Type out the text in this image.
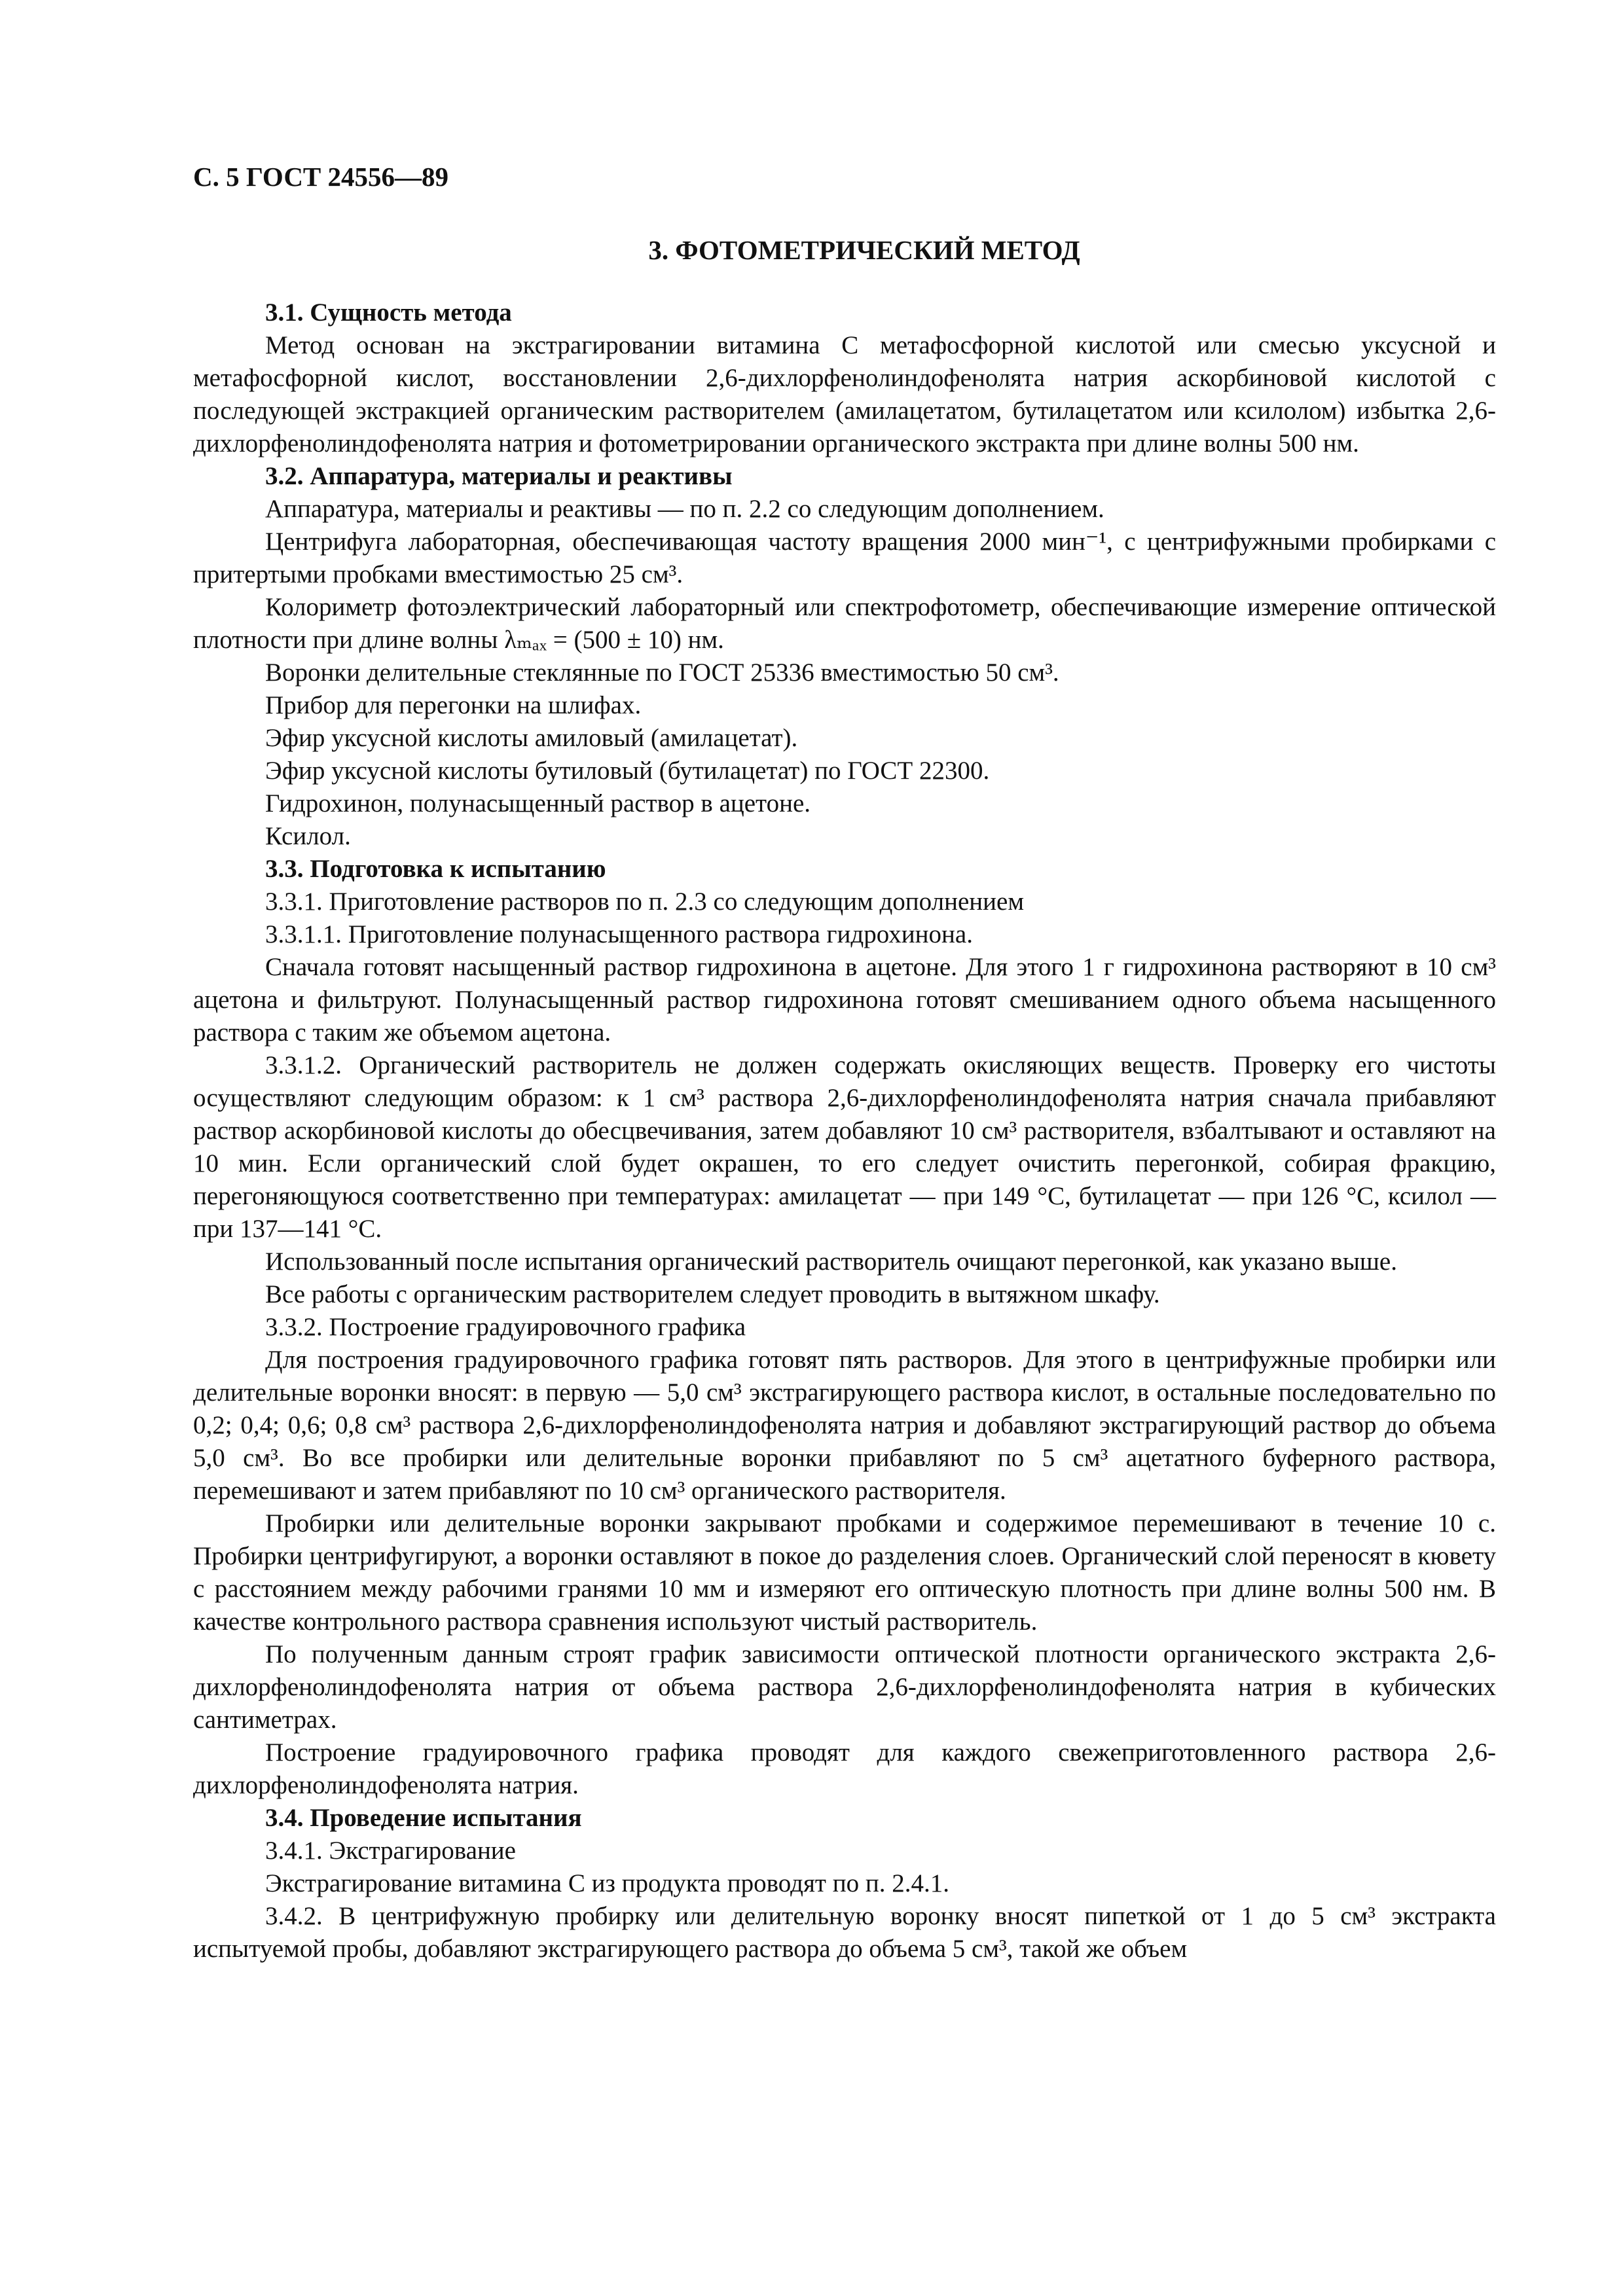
С. 5 ГОСТ 24556—89
3. ФОТОМЕТРИЧЕСКИЙ МЕТОД

3.1. Сущность метода

Метод основан на экстрагировании витамина С метафосфорной кислотой или смесью уксусной и метафосфорной кислот, восстановлении 2,6-дихлорфенолиндофенолята натрия аскорбиновой кислотой с последующей экстракцией органическим растворителем (амилацетатом, бутилацетатом или ксилолом) избытка 2,6-дихлорфенолиндофенолята натрия и фотометрировании органического экстракта при длине волны 500 нм.

3.2. Аппаратура, материалы и реактивы

Аппаратура, материалы и реактивы — по п. 2.2 со следующим дополнением.

Центрифуга лабораторная, обеспечивающая частоту вращения 2000 мин⁻¹, с центрифужными пробирками с притертыми пробками вместимостью 25 см³.

Колориметр фотоэлектрический лабораторный или спектрофотометр, обеспечивающие измерение оптической плотности при длине волны λₘₐₓ = (500 ± 10) нм.

Воронки делительные стеклянные по ГОСТ 25336 вместимостью 50 см³.

Прибор для перегонки на шлифах.

Эфир уксусной кислоты амиловый (амилацетат).

Эфир уксусной кислоты бутиловый (бутилацетат) по ГОСТ 22300.

Гидрохинон, полунасыщенный раствор в ацетоне.

Ксилол.

3.3. Подготовка к испытанию

3.3.1. Приготовление растворов по п. 2.3 со следующим дополнением

3.3.1.1. Приготовление полунасыщенного раствора гидрохинона.

Сначала готовят насыщенный раствор гидрохинона в ацетоне. Для этого 1 г гидрохинона растворяют в 10 см³ ацетона и фильтруют. Полунасыщенный раствор гидрохинона готовят смешиванием одного объема насыщенного раствора с таким же объемом ацетона.

3.3.1.2. Органический растворитель не должен содержать окисляющих веществ. Проверку его чистоты осуществляют следующим образом: к 1 см³ раствора 2,6-дихлорфенолиндофенолята натрия сначала прибавляют раствор аскорбиновой кислоты до обесцвечивания, затем добавляют 10 см³ растворителя, взбалтывают и оставляют на 10 мин. Если органический слой будет окрашен, то его следует очистить перегонкой, собирая фракцию, перегоняющуюся соответственно при температурах: амилацетат — при 149 °С, бутилацетат — при 126 °С, ксилол — при 137—141 °С.

Использованный после испытания органический растворитель очищают перегонкой, как указано выше.

Все работы с органическим растворителем следует проводить в вытяжном шкафу.

3.3.2. Построение градуировочного графика

Для построения градуировочного графика готовят пять растворов. Для этого в центрифужные пробирки или делительные воронки вносят: в первую — 5,0 см³ экстрагирующего раствора кислот, в остальные последовательно по 0,2; 0,4; 0,6; 0,8 см³ раствора 2,6-дихлорфенолиндофенолята натрия и добавляют экстрагирующий раствор до объема 5,0 см³. Во все пробирки или делительные воронки прибавляют по 5 см³ ацетатного буферного раствора, перемешивают и затем прибавляют по 10 см³ органического растворителя.

Пробирки или делительные воронки закрывают пробками и содержимое перемешивают в течение 10 с. Пробирки центрифугируют, а воронки оставляют в покое до разделения слоев. Органический слой переносят в кювету с расстоянием между рабочими гранями 10 мм и измеряют его оптическую плотность при длине волны 500 нм. В качестве контрольного раствора сравнения используют чистый растворитель.

По полученным данным строят график зависимости оптической плотности органического экстракта 2,6-дихлорфенолиндофенолята натрия от объема раствора 2,6-дихлорфенолиндофенолята натрия в кубических сантиметрах.

Построение градуировочного графика проводят для каждого свежеприготовленного раствора 2,6-дихлорфенолиндофенолята натрия.

3.4. Проведение испытания

3.4.1. Экстрагирование

Экстрагирование витамина С из продукта проводят по п. 2.4.1.

3.4.2. В центрифужную пробирку или делительную воронку вносят пипеткой от 1 до 5 см³ экстракта испытуемой пробы, добавляют экстрагирующего раствора до объема 5 см³, такой же объем
